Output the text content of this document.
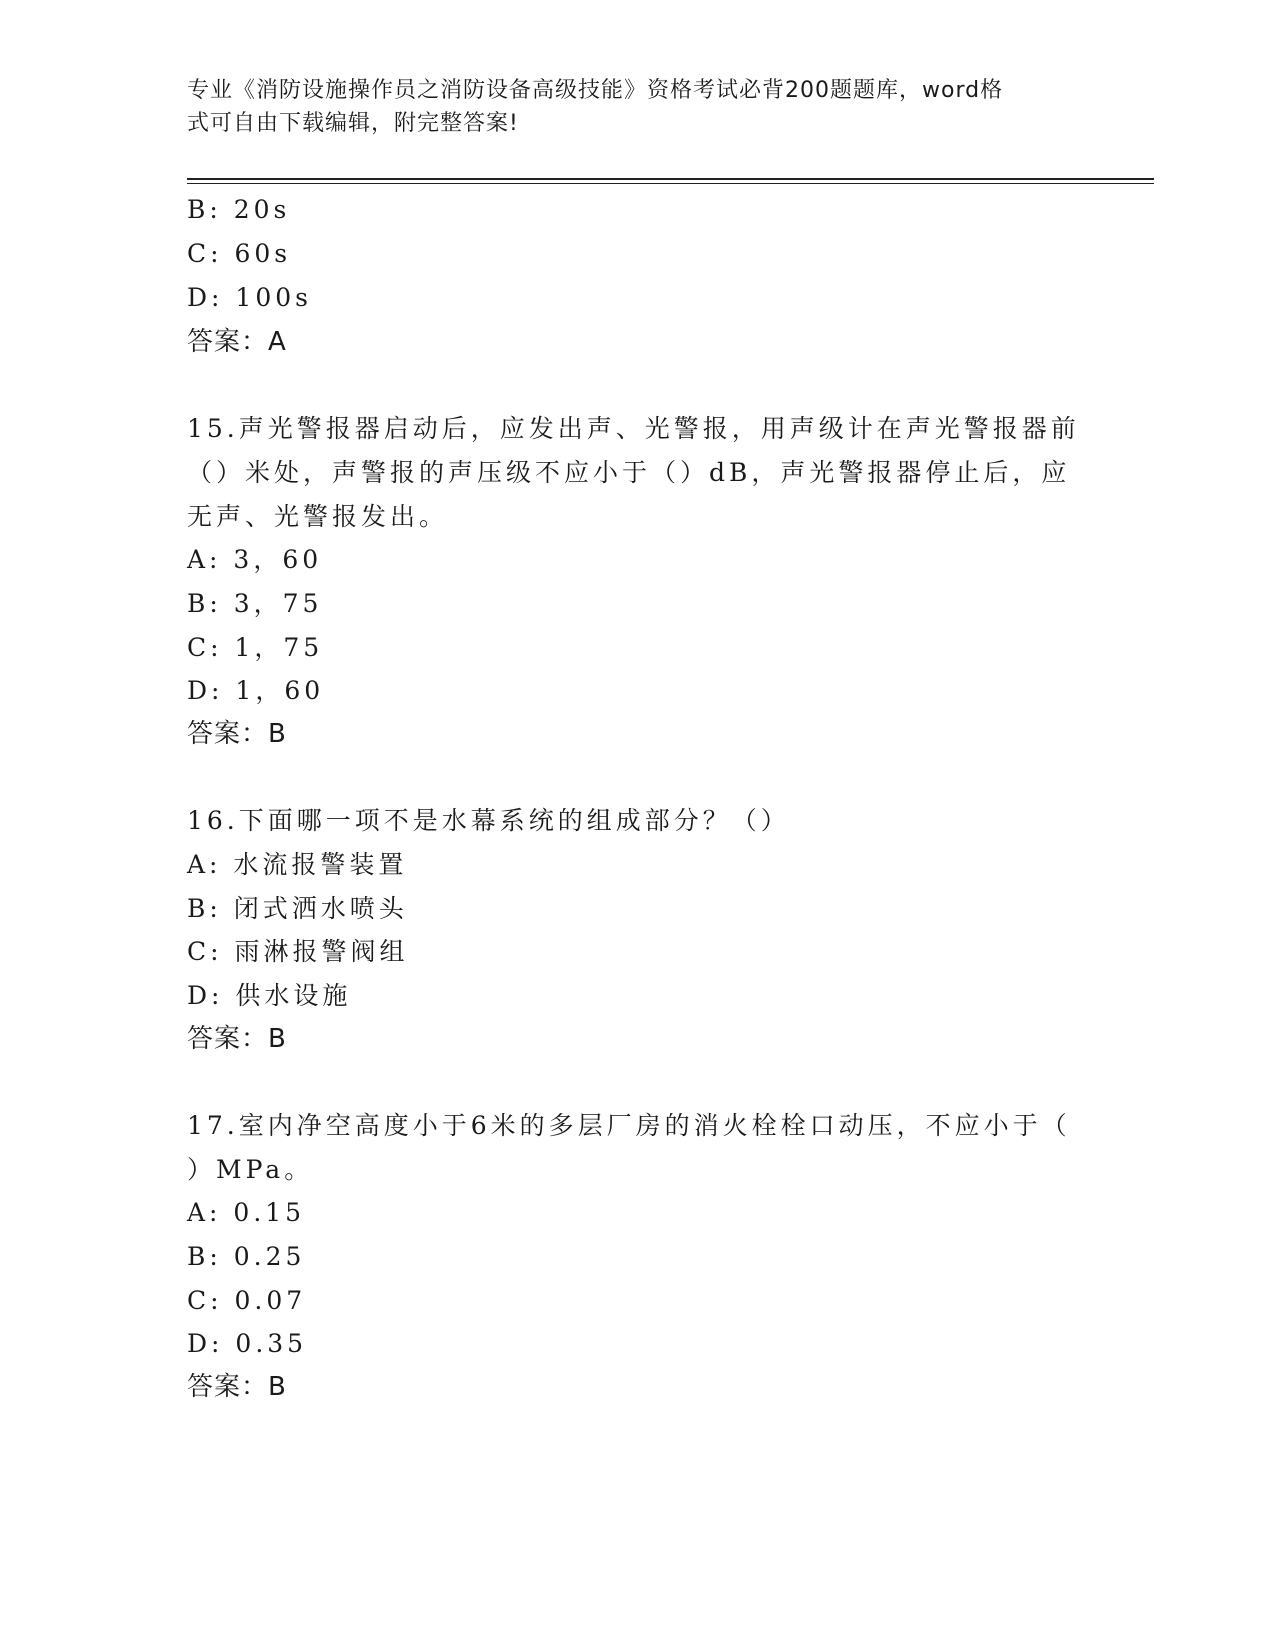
专业《消防设施操作员之消防设备高级技能》资格考试必背200题题库，word格
式可自由下载编辑，附完整答案!
B: 20s
C: 60s
D: 100s
答案：A
15.声光警报器启动后，应发出声、光警报，用声级计在声光警报器前
（）米处，声警报的声压级不应小于（）dB，声光警报器停止后，应
无声、光警报发出。
A: 3，60
B: 3，75
C: 1，75
D: 1，60
答案：B
16.下面哪一项不是水幕系统的组成部分？（）
A: 水流报警装置
B: 闭式洒水喷头
C: 雨淋报警阀组
D: 供水设施
答案：B
17.室内净空高度小于6米的多层厂房的消火栓栓口动压，不应小于（
）MPa。
A: 0.15
B: 0.25
C: 0.07
D: 0.35
答案：B
